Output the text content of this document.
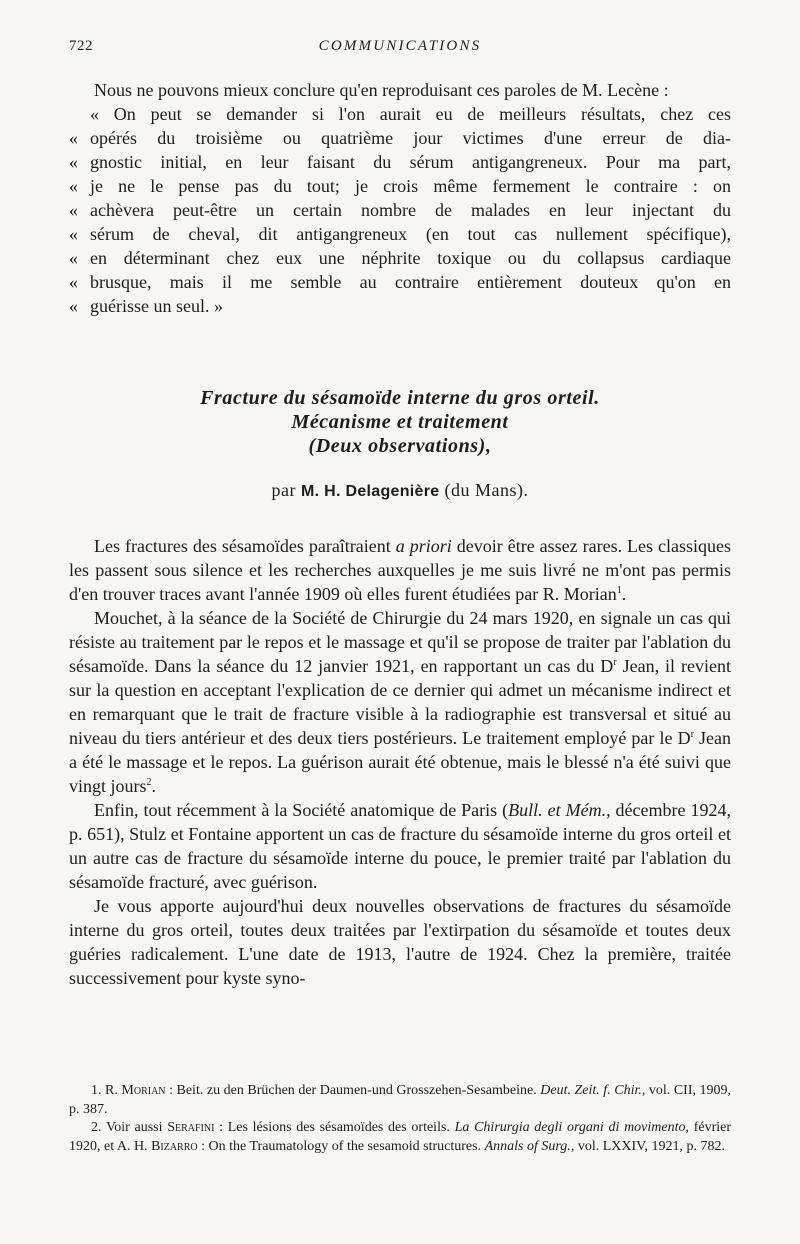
722	COMMUNICATIONS

Nous ne pouvons mieux conclure qu'en reproduisant ces paroles de M. Lecène :

« On peut se demander si l'on aurait eu de meilleurs résultats, chez ces
« opérés du troisième ou quatrième jour victimes d'une erreur de dia-
« gnostic initial, en leur faisant du sérum antigangreneux. Pour ma part,
« je ne le pense pas du tout; je crois même fermement le contraire : on
« achèvera peut-être un certain nombre de malades en leur injectant du
« sérum de cheval, dit antigangreneux (en tout cas nullement spécifique),
« en déterminant chez eux une néphrite toxique ou du collapsus cardiaque
« brusque, mais il me semble au contraire entièrement douteux qu'on en
« guérisse un seul. »
Fracture du sésamoïde interne du gros orteil.
Mécanisme et traitement
(Deux observations),
par M. H. Delagenière (du Mans).

Les fractures des sésamoïdes paraîtraient a priori devoir être assez rares. Les classiques les passent sous silence et les recherches auxquelles je me suis livré ne m'ont pas permis d'en trouver traces avant l'année 1909 où elles furent étudiées par R. Morian$^1$.

Mouchet, à la séance de la Société de Chirurgie du 24 mars 1920, en signale un cas qui résiste au traitement par le repos et le massage et qu'il se propose de traiter par l'ablation du sésamoïde. Dans la séance du 12 janvier 1921, en rapportant un cas du $D^r$ Jean, il revient sur la question en acceptant l'explication de ce dernier qui admet un mécanisme indirect et en remarquant que le trait de fracture visible à la radiographie est transversal et situé au niveau du tiers antérieur et des deux tiers postérieurs. Le traitement employé par le $D^r$ Jean a été le massage et le repos. La guérison aurait été obtenue, mais le blessé n'a été suivi que vingt jours$^2$.

Enfin, tout récemment à la Société anatomique de Paris (Bull. et Mém., décembre 1924, p. 651), Stulz et Fontaine apportent un cas de fracture du sésamoïde interne du gros orteil et un autre cas de fracture du sésamoïde interne du pouce, le premier traité par l'ablation du sésamoïde fracturé, avec guérison.

Je vous apporte aujourd'hui deux nouvelles observations de fractures du sésamoïde interne du gros orteil, toutes deux traitées par l'extirpation du sésamoïde et toutes deux guéries radicalement. L'une date de 1913, l'autre de 1924. Chez la première, traitée successivement pour kyste syno-

1. R. Morian : Beit. zu den Brüchen der Daumen-und Grosszehen-Sesambeine. Deut. Zeit. f. Chir., vol. CII, 1909, p. 387.

2. Voir aussi Serafini : Les lésions des sésamoïdes des orteils. La Chirurgia degli organi di movimento, février 1920, et A. H. Bizarro : On the Traumatology of the sesamoid structures. Annals of Surg., vol. LXXIV, 1921, p. 782.
